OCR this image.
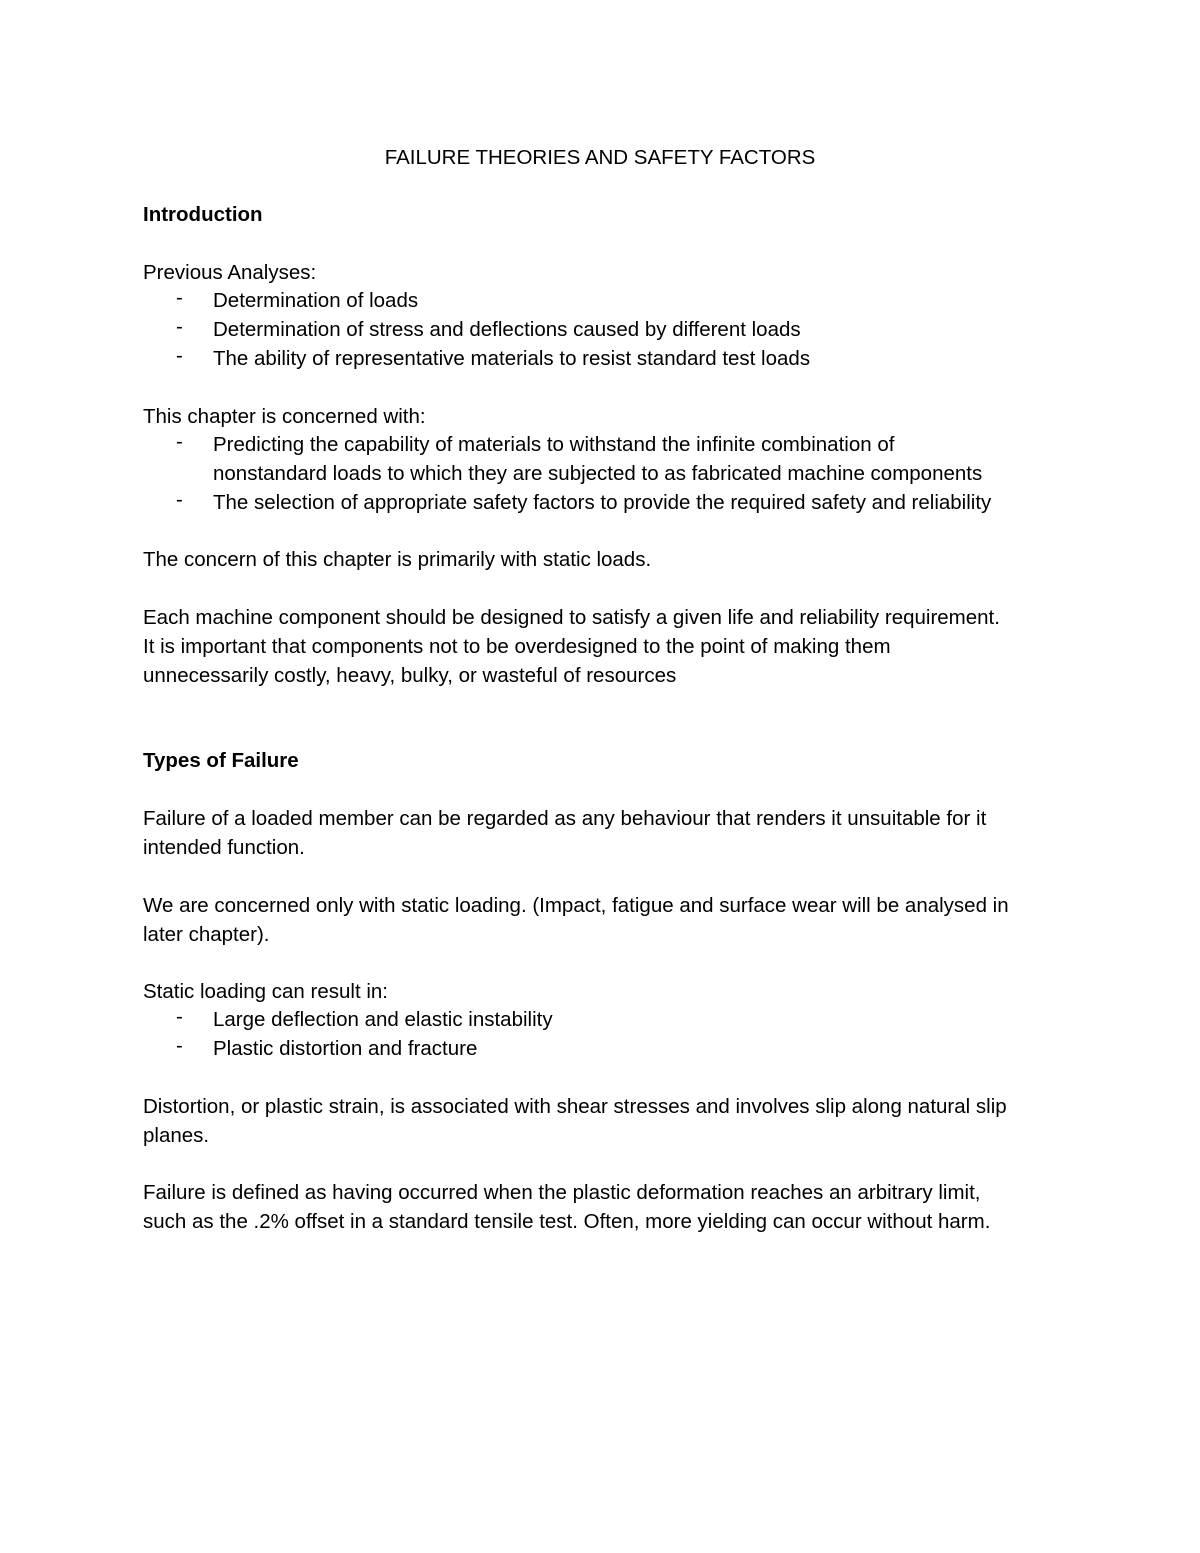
FAILURE THEORIES AND SAFETY FACTORS
Introduction
Previous Analyses:
-	Determination of loads
-	Determination of stress and deflections caused by different loads
-	The ability of representative materials to resist standard test loads
This chapter is concerned with:
-	Predicting the capability of materials to withstand the infinite combination of
nonstandard loads to which they are subjected to as fabricated machine components
-	The selection of appropriate safety factors to provide the required safety and reliability
The concern of this chapter is primarily with static loads.

Each machine component should be designed to satisfy a given life and reliability requirement.

It is important that components not to be overdesigned to the point of making them

unnecessarily costly, heavy, bulky, or wasteful of resources

Types of Failure

Failure of a loaded member can be regarded as any behaviour that renders it unsuitable for it

intended function.

We are concerned only with static loading. (Impact, fatigue and surface wear will be analysed in

later chapter).

Static loading can result in:
-	Large deflection and elastic instability
-	Plastic distortion and fracture

Distortion, or plastic strain, is associated with shear stresses and involves slip along natural slip

planes.

Failure is defined as having occurred when the plastic deformation reaches an arbitrary limit,

such as the .2% offset in a standard tensile test. Often, more yielding can occur without harm.
